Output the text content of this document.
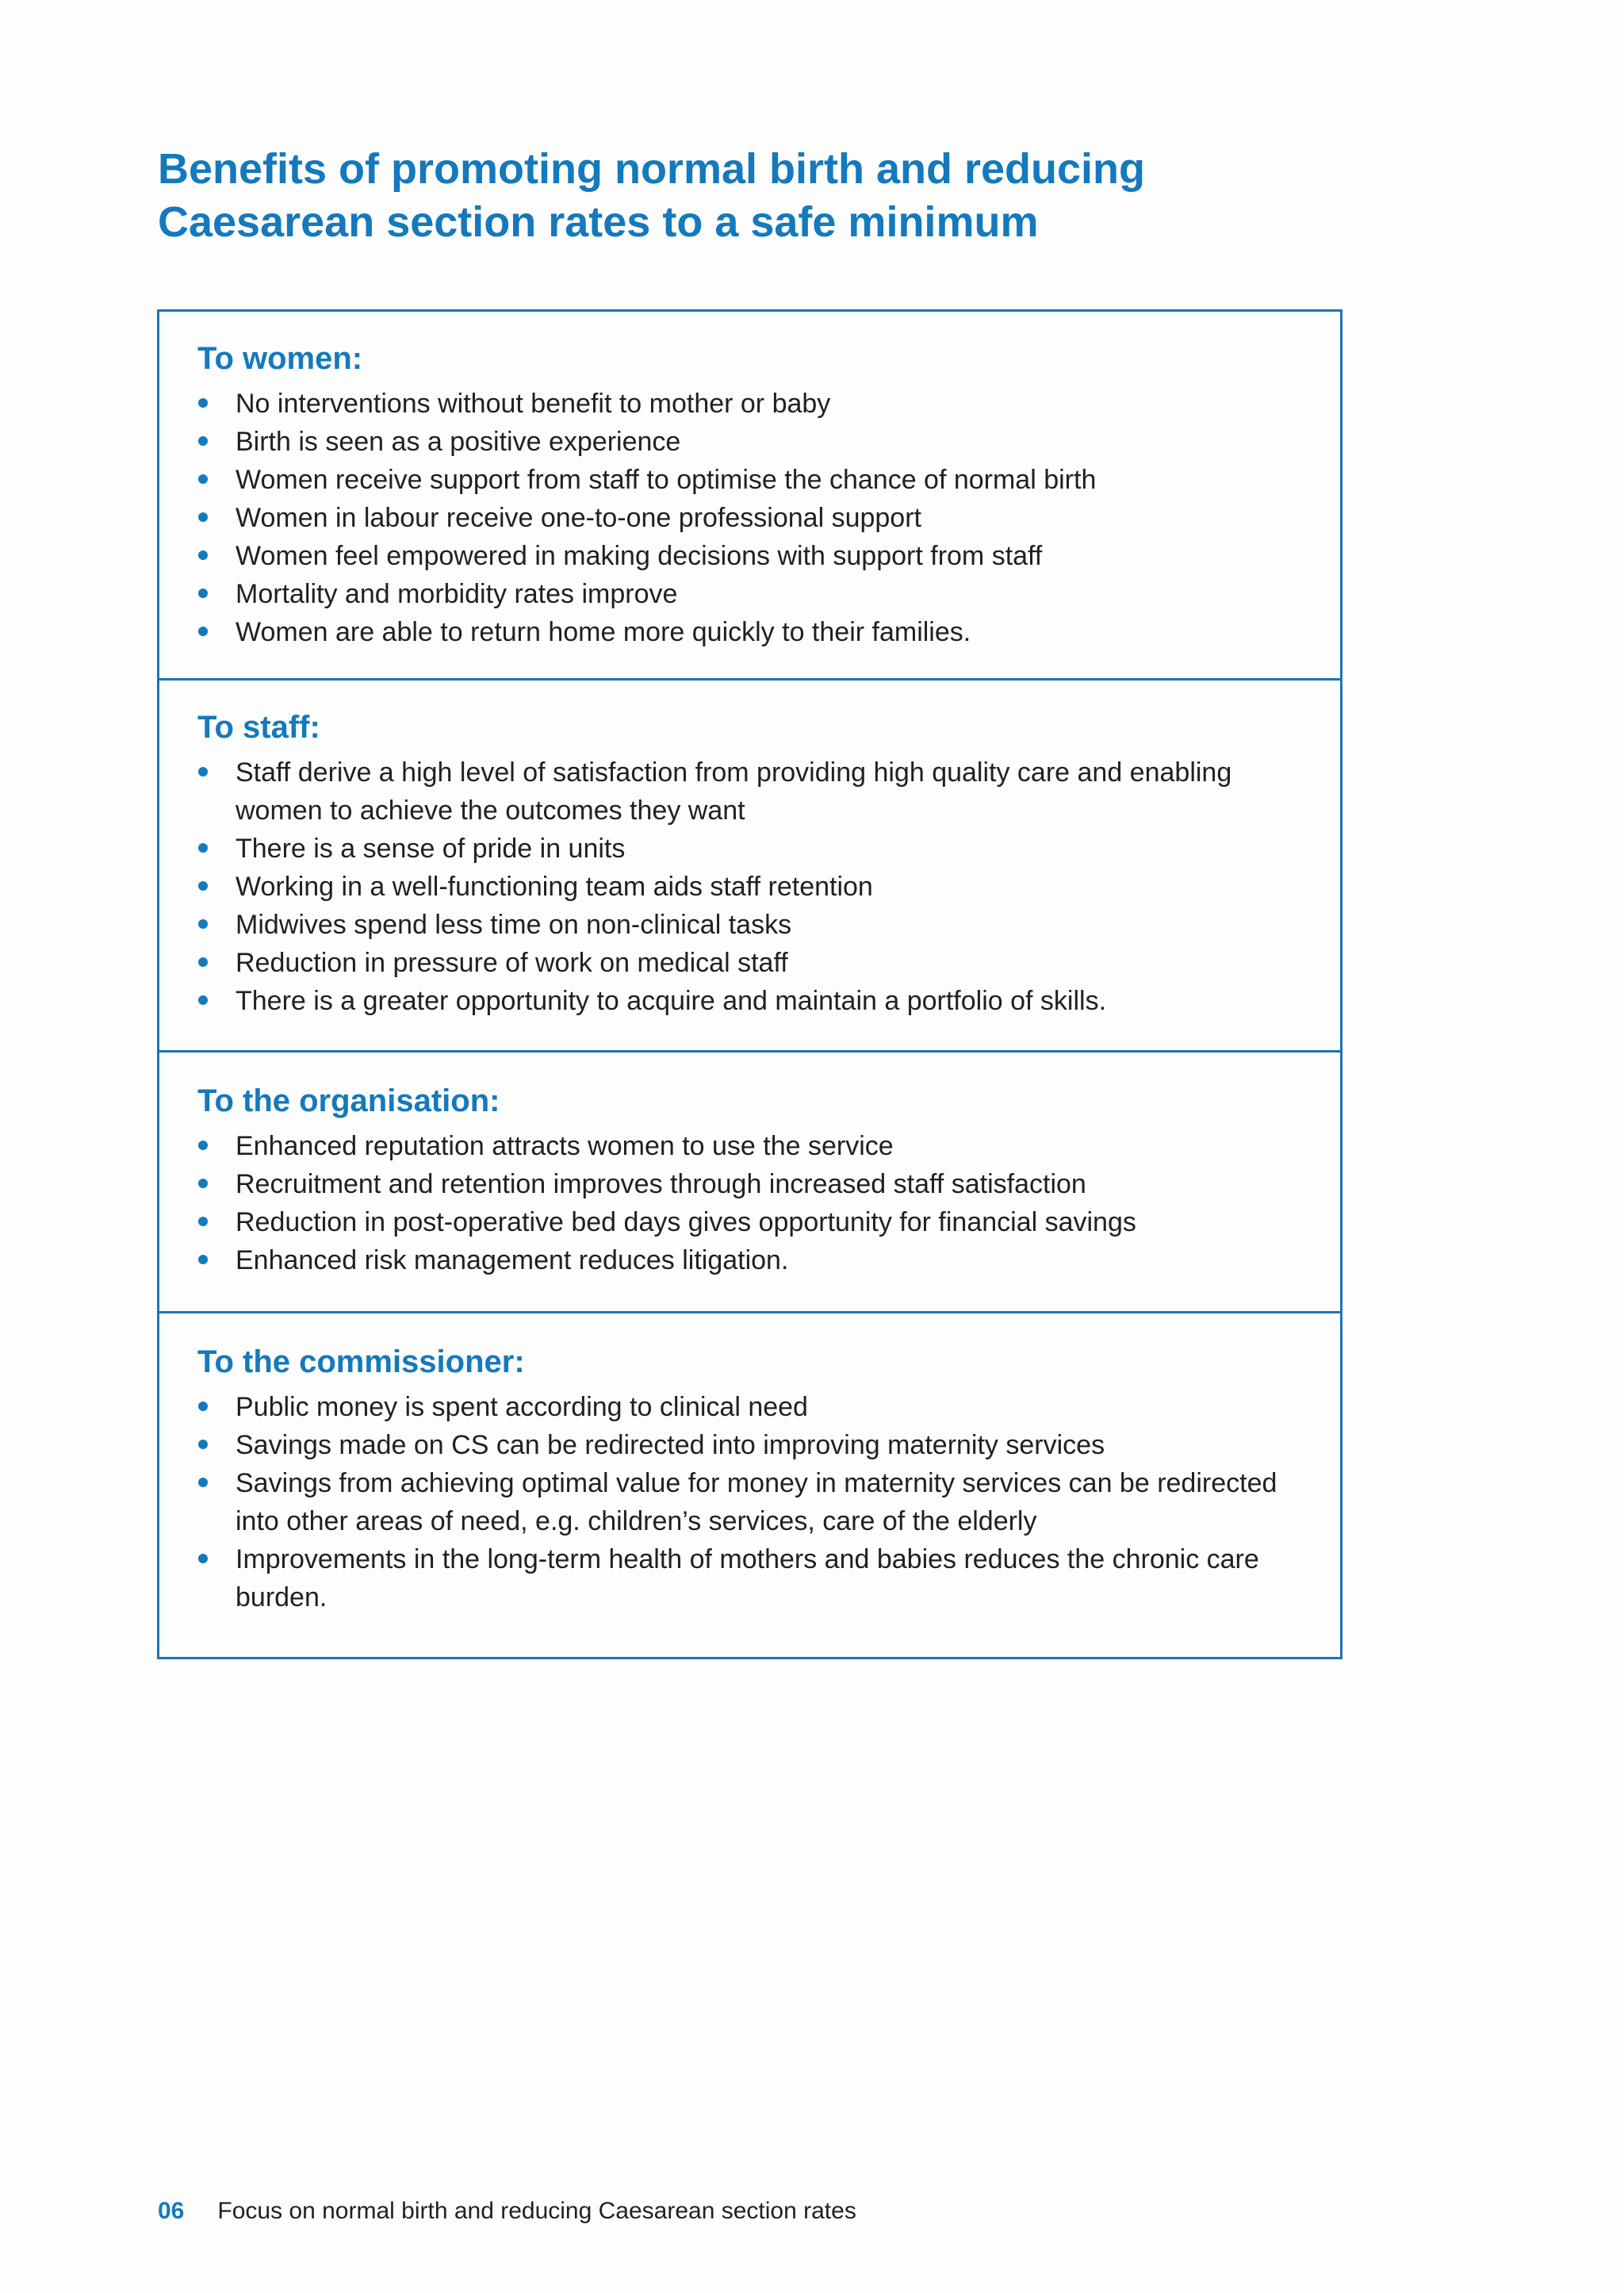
Benefits of promoting normal birth and reducing
Caesarean section rates to a safe minimum
To women:
No interventions without benefit to mother or baby
Birth is seen as a positive experience
Women receive support from staff to optimise the chance of normal birth
Women in labour receive one-to-one professional support
Women feel empowered in making decisions with support from staff
Mortality and morbidity rates improve
Women are able to return home more quickly to their families.
To staff:
Staff derive a high level of satisfaction from providing high quality care and enabling women to achieve the outcomes they want
There is a sense of pride in units
Working in a well-functioning team aids staff retention
Midwives spend less time on non-clinical tasks
Reduction in pressure of work on medical staff
There is a greater opportunity to acquire and maintain a portfolio of skills.
To the organisation:
Enhanced reputation attracts women to use the service
Recruitment and retention improves through increased staff satisfaction
Reduction in post-operative bed days gives opportunity for financial savings
Enhanced risk management reduces litigation.
To the commissioner:
Public money is spent according to clinical need
Savings made on CS can be redirected into improving maternity services
Savings from achieving optimal value for money in maternity services can be redirected into other areas of need, e.g. children’s services, care of the elderly
Improvements in the long-term health of mothers and babies reduces the chronic care burden.
06 Focus on normal birth and reducing Caesarean section rates
